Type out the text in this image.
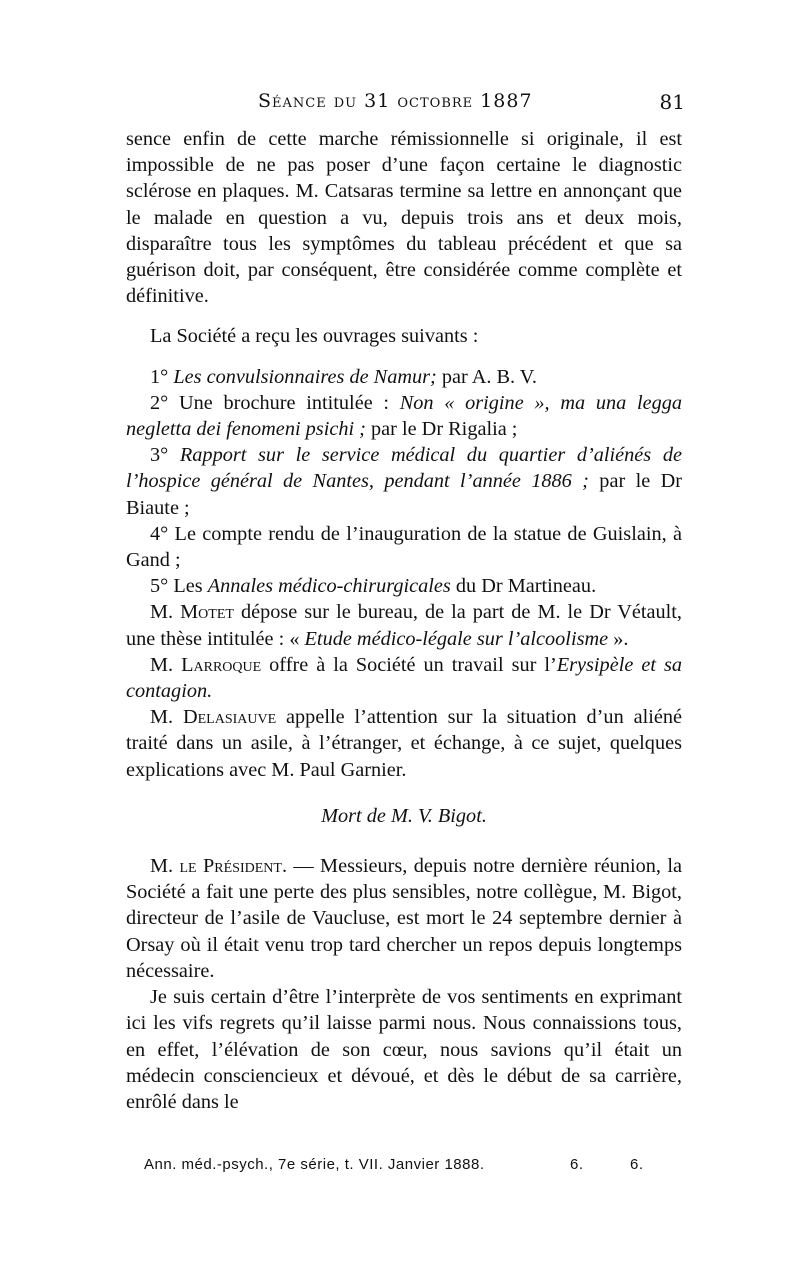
Séance du 31 octobre 1887	81

sence enfin de cette marche rémissionnelle si originale, il est impossible de ne pas poser d’une façon certaine le diagnostic sclérose en plaques. M. Catsaras termine sa lettre en annonçant que le malade en question a vu, depuis trois ans et deux mois, disparaître tous les symptômes du tableau précédent et que sa guérison doit, par conséquent, être considérée comme complète et définitive.

La Société a reçu les ouvrages suivants :

1° Les convulsionnaires de Namur; par A. B. V.

2° Une brochure intitulée : Non « origine », ma una legga negletta dei fenomeni psichi ; par le Dr Rigalia ;

3° Rapport sur le service médical du quartier d’aliénés de l’hospice général de Nantes, pendant l’année 1886 ; par le Dr Biaute ;

4° Le compte rendu de l’inauguration de la statue de Guislain, à Gand ;

5° Les Annales médico-chirurgicales du Dr Martineau.

M. Motet dépose sur le bureau, de la part de M. le Dr Vétault, une thèse intitulée : « Etude médico-légale sur l’alcoolisme ».

M. Larroque offre à la Société un travail sur l’Erysipèle et sa contagion.

M. Delasiauve appelle l’attention sur la situation d’un aliéné traité dans un asile, à l’étranger, et échange, à ce sujet, quelques explications avec M. Paul Garnier.

Mort de M. V. Bigot.

M. le Président. — Messieurs, depuis notre dernière réunion, la Société a fait une perte des plus sensibles, notre collègue, M. Bigot, directeur de l’asile de Vaucluse, est mort le 24 septembre dernier à Orsay où il était venu trop tard chercher un repos depuis longtemps nécessaire.

Je suis certain d’être l’interprète de vos sentiments en exprimant ici les vifs regrets qu’il laisse parmi nous. Nous connaissions tous, en effet, l’élévation de son cœur, nous savions qu’il était un médecin consciencieux et dévoué, et dès le début de sa carrière, enrôlé dans le

Ann. méd.-psych., 7e série, t. VII. Janvier 1888.	6.	6.
